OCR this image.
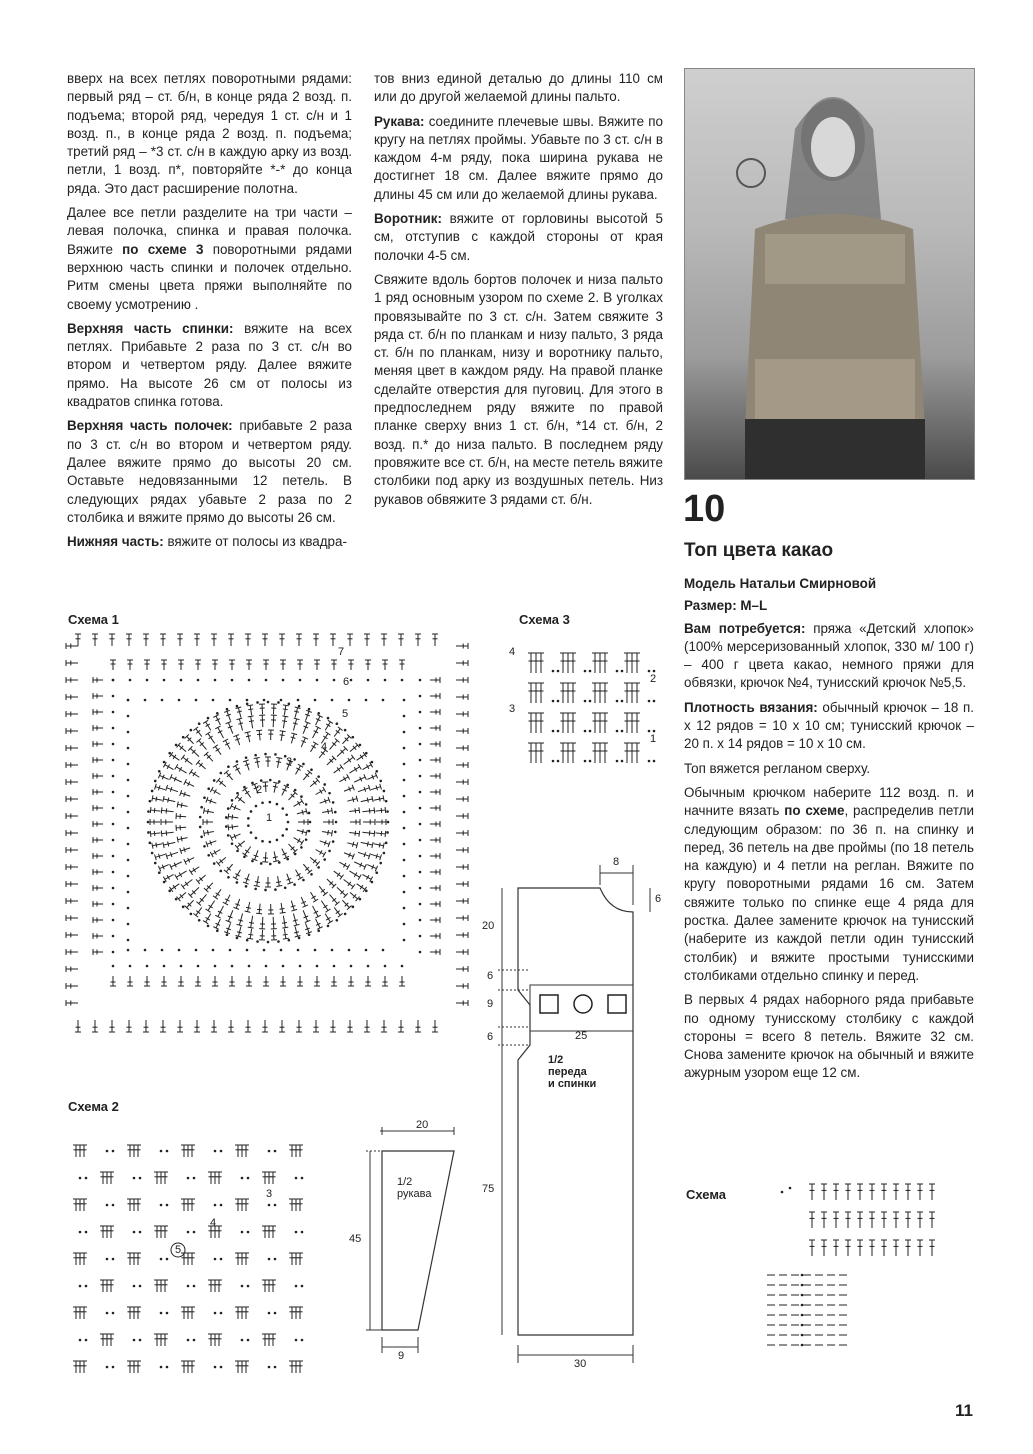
вверх на всех петлях поворотными рядами: первый ряд – ст. б/н, в конце ряда 2 возд. п. подъема; второй ряд, чередуя 1 ст. с/н и 1 возд. п., в конце ряда 2 возд. п. подъема; третий ряд – *3 ст. с/н в каждую арку из возд. петли, 1 возд. п*, повторяйте *-* до конца ряда. Это даст расширение полотна.

Далее все петли разделите на три части – левая полочка, спинка и правая полочка. Вяжите по схеме 3 поворотными рядами верхнюю часть спинки и полочек отдельно. Ритм смены цвета пряжи выполняйте по своему усмотрению .

Верхняя часть спинки: вяжите на всех петлях. Прибавьте 2 раза по 3 ст. с/н во втором и четвертом ряду. Далее вяжите прямо. На высоте 26 см от полосы из квадратов спинка готова.

Верхняя часть полочек: прибавьте 2 раза по 3 ст. с/н во втором и четвертом ряду. Далее вяжите прямо до высоты 20 см. Оставьте недовязанными 12 петель. В следующих рядах убавьте 2 раза по 2 столбика и вяжите прямо до высоты 26 см.

Нижняя часть: вяжите от полосы из квадра-

тов вниз единой деталью до длины 110 см или до другой желаемой длины пальто.

Рукава: соедините плечевые швы. Вяжите по кругу на петлях проймы. Убавьте по 3 ст. с/н в каждом 4-м ряду, пока ширина рукава не достигнет 18 см. Далее вяжите прямо до длины 45 см или до желаемой длины рукава.

Воротник: вяжите от горловины высотой 5 см, отступив с каждой стороны от края полочки 4-5 см.

Свяжите вдоль бортов полочек и низа пальто 1 ряд основным узором по схеме 2. В уголках провязывайте по 3 ст. с/н. Затем свяжите 3 ряда ст. б/н по планкам и низу пальто, 3 ряда ст. б/н по планкам, низу и воротнику пальто, меняя цвет в каждом ряду. На правой планке сделайте отверстия для пуговиц. Для этого в предпоследнем ряду вяжите по правой планке сверху вниз 1 ст. б/н, *14 ст. б/н, 2 возд. п.* до низа пальто. В последнем ряду провяжите все ст. б/н, на месте петель вяжите столбики под арку из воздушных петель. Низ рукавов обвяжите 3 рядами ст. б/н.	10
Топ цвета какао

Модель Натальи Смирновой

Размер: М–L

Вам потребуется: пряжа «Детский хлопок» (100% мерсеризованный хлопок, 330 м/ 100 г) – 400 г цвета какао, немного пряжи для обвязки, крючок №4, тунисский крючок №5,5.

Плотность вязания: обычный крючок – 18 п. х 12 рядов = 10 х 10 см; тунисский крючок – 20 п. х 14 рядов = 10 х 10 см.

Топ вяжется регланом сверху.

Обычным крючком наберите 112 возд. п. и начните вязать по схеме, распределив петли следующим образом: по 36 п. на спинку и перед, 36 петель на две проймы (по 18 петель на каждую) и 4 петли на реглан. Вяжите по кругу поворотными рядами 16 см. Затем свяжите только по спинке еще 4 ряда для ростка. Далее замените крючок на тунисский (наберите из каждой петли один тунисский столбик) и вяжите простыми тунисскими столбиками отдельно спинку и перед.

В первых 4 рядах наборного ряда прибавьте по одному тунисскому столбику с каждой стороны = всего 8 петель. Вяжите 32 см. Снова замените крючок на обычный и вяжите ажурным узором еще 12 см.

Схема 1
Схема 2
Схема 3
Схема
11
7
6
5
4
3
2
1
4
3
2
1
5
4
3
20
45
9
1/2
рукава
8
6
20
6
9
6	25
75
30
1/2
переда
и спинки
